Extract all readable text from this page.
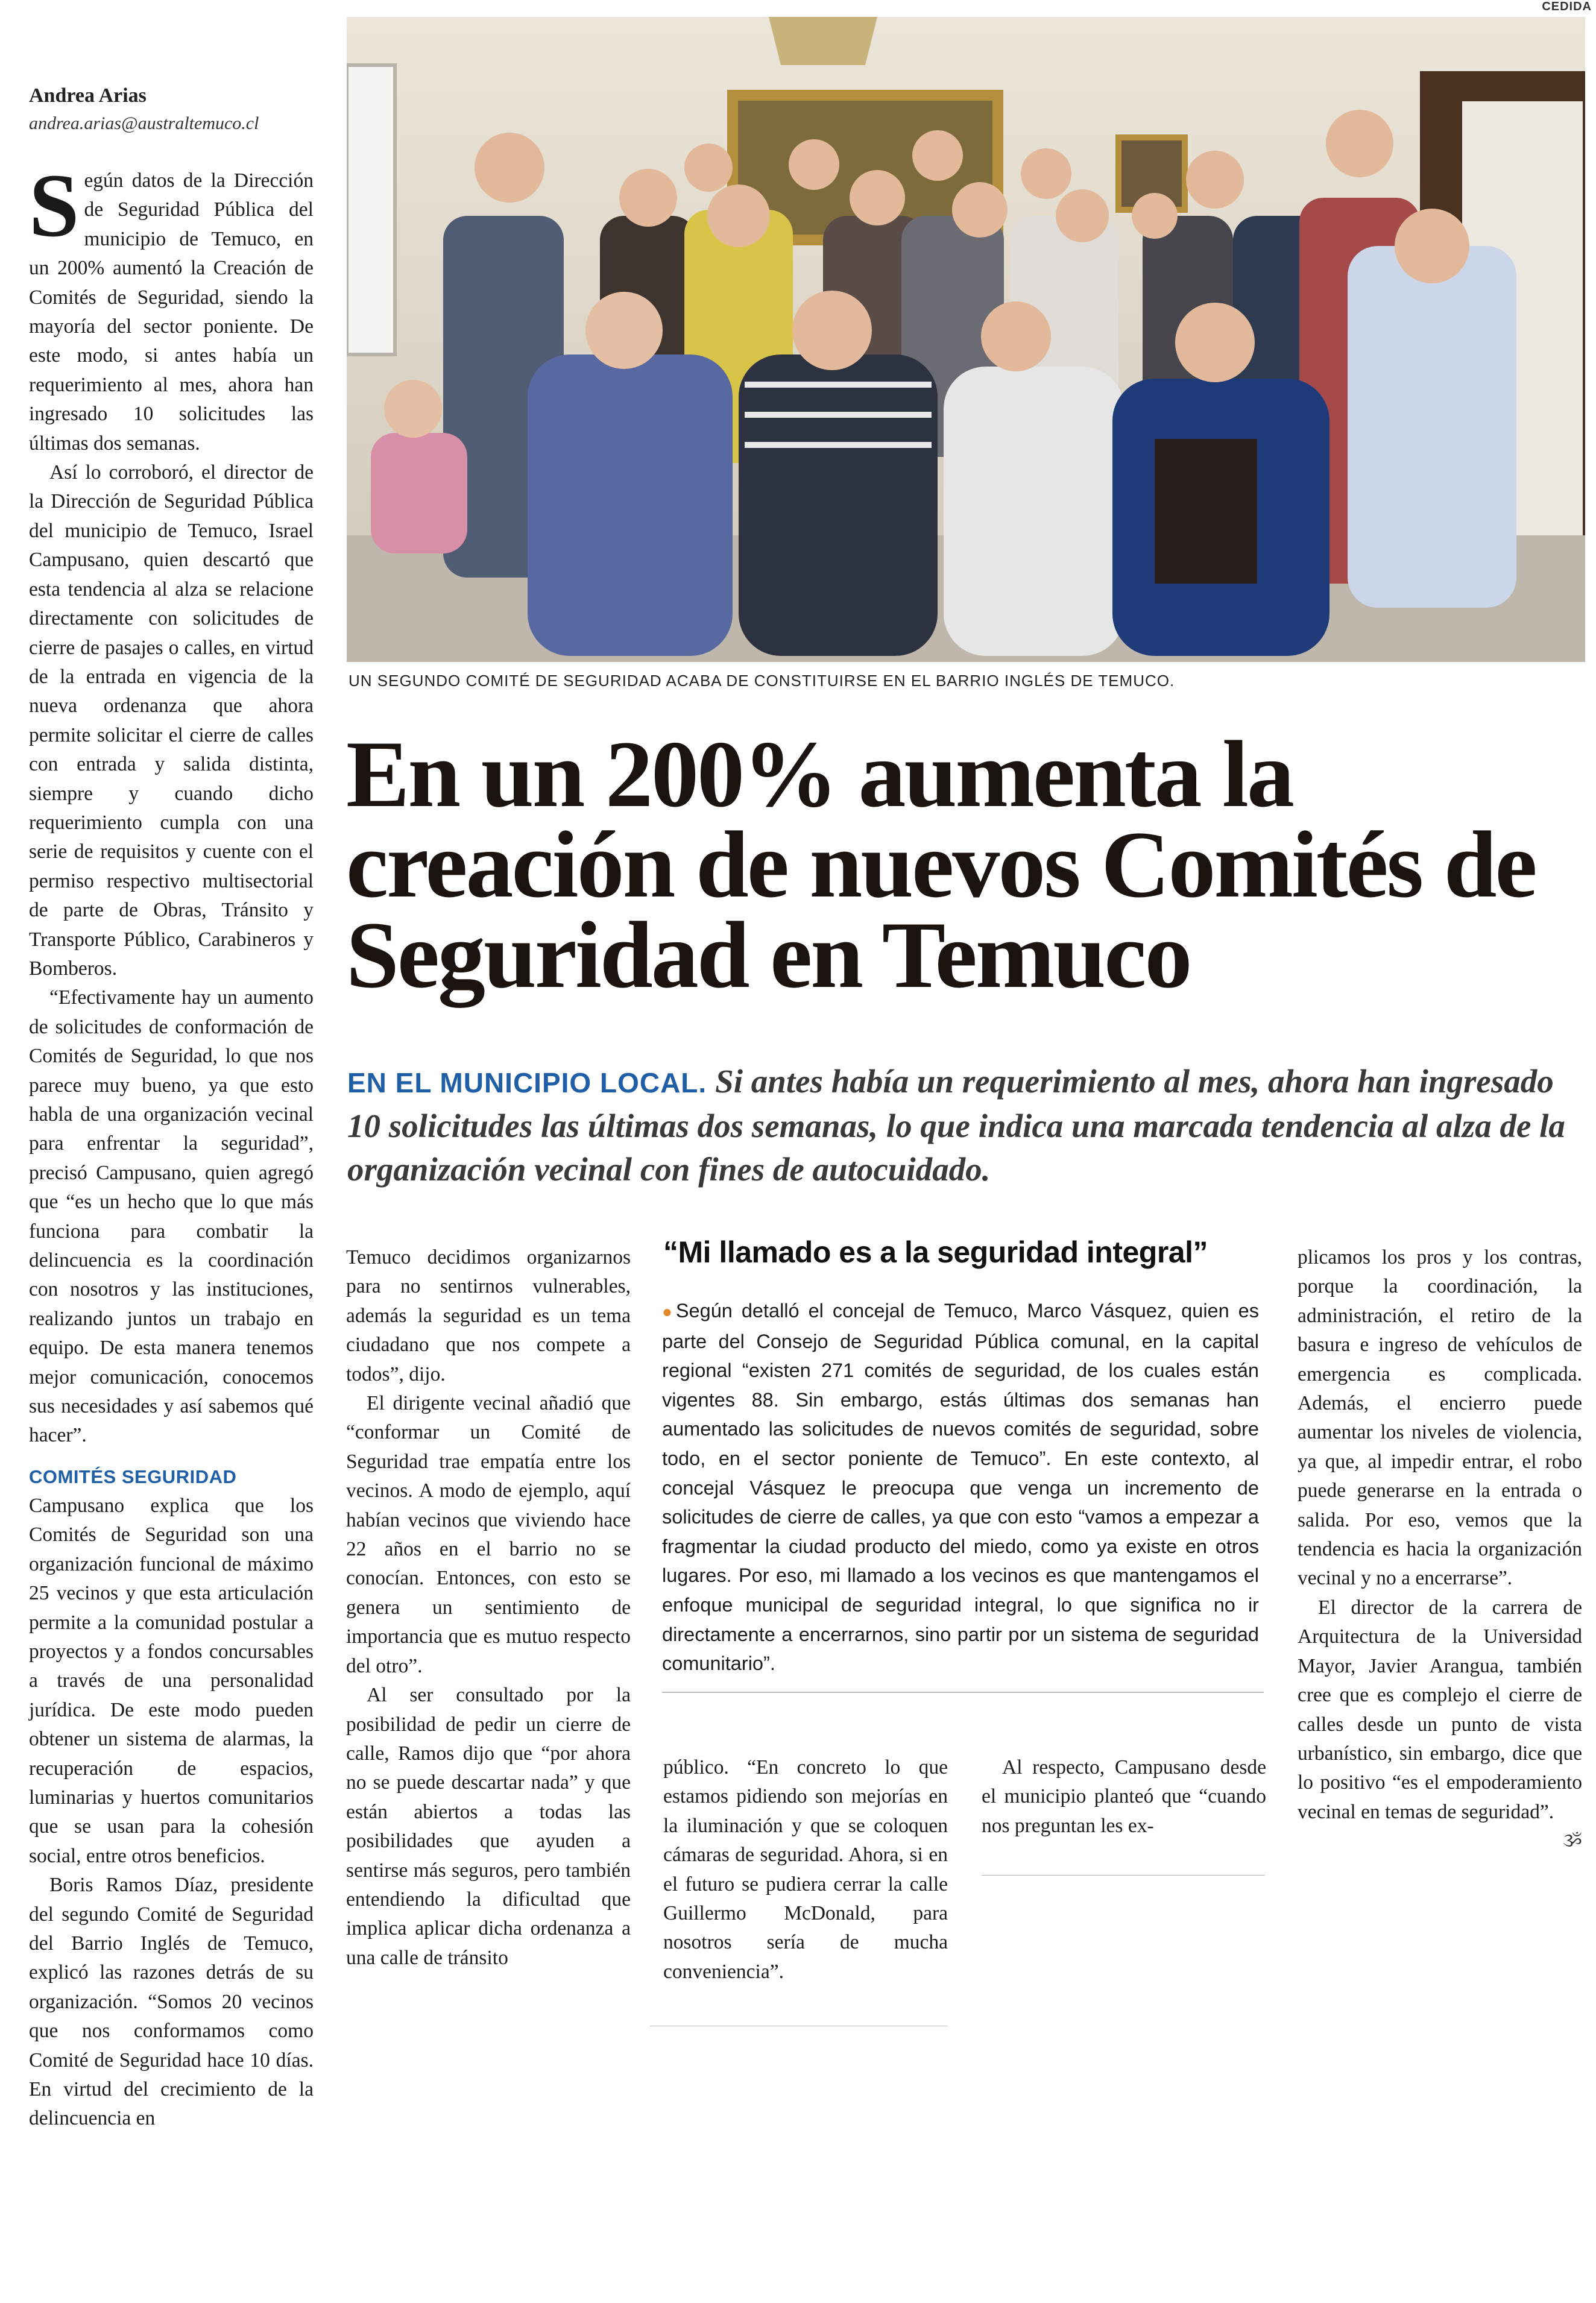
CEDIDA
UN SEGUNDO COMITÉ DE SEGURIDAD ACABA DE CONSTITUIRSE EN EL BARRIO INGLÉS DE TEMUCO.
Andrea Arias
andrea.arias@australtemuco.cl

Según datos de la Dirección de Seguridad Pública del municipio de Temuco, en un 200% aumentó la Creación de Comités de Seguridad, siendo la mayoría del sector poniente. De este modo, si antes había un requerimiento al mes, ahora han ingresado 10 solicitudes las últimas dos semanas.

Así lo corroboró, el director de la Dirección de Seguridad Pública del municipio de Temuco, Israel Campusano, quien descartó que esta tendencia al alza se relacione directamente con solicitudes de cierre de pasajes o calles, en virtud de la entrada en vigencia de la nueva ordenanza que ahora permite solicitar el cierre de calles con entrada y salida distinta, siempre y cuando dicho requerimiento cumpla con una serie de requisitos y cuente con el permiso respectivo multisectorial de parte de Obras, Tránsito y Transporte Público, Carabineros y Bomberos.

“Efectivamente hay un aumento de solicitudes de conformación de Comités de Seguridad, lo que nos parece muy bueno, ya que esto habla de una organización vecinal para enfrentar la seguridad”, precisó Campusano, quien agregó que “es un hecho que lo que más funciona para combatir la delincuencia es la coordinación con nosotros y las instituciones, realizando juntos un trabajo en equipo. De esta manera tenemos mejor comunicación, conocemos sus necesidades y así sabemos qué hacer”.

COMITÉS SEGURIDAD

Campusano explica que los Comités de Seguridad son una organización funcional de máximo 25 vecinos y que esta articulación permite a la comunidad postular a proyectos y a fondos concursables a través de una personalidad jurídica. De este modo pueden obtener un sistema de alarmas, la recuperación de espacios, luminarias y huertos comunitarios que se usan para la cohesión social, entre otros beneficios.

Boris Ramos Díaz, presidente del segundo Comité de Seguridad del Barrio Inglés de Temuco, explicó las razones detrás de su organización. “Somos 20 vecinos que nos conformamos como Comité de Seguridad hace 10 días. En virtud del crecimiento de la delincuencia en

En un 200% aumenta la creación de nuevos Comités de Seguridad en Temuco
EN EL MUNICIPIO LOCAL. Si antes había un requerimiento al mes, ahora han ingresado 10 solicitudes las últimas dos semanas, lo que indica una marcada tendencia al alza de la organización vecinal con fines de autocuidado.

Temuco decidimos organizarnos para no sentirnos vulnerables, además la seguridad es un tema ciudadano que nos compete a todos”, dijo.

El dirigente vecinal añadió que “conformar un Comité de Seguridad trae empatía entre los vecinos. A modo de ejemplo, aquí habían vecinos que viviendo hace 22 años en el barrio no se conocían. Entonces, con esto se genera un sentimiento de importancia que es mutuo respecto del otro”.

Al ser consultado por la posibilidad de pedir un cierre de calle, Ramos dijo que “por ahora no se puede descartar nada” y que están abiertos a todas las posibilidades que ayuden a sentirse más seguros, pero también entendiendo la dificultad que implica aplicar dicha ordenanza a una calle de tránsito

“Mi llamado es a la seguridad integral”
●Según detalló el concejal de Temuco, Marco Vásquez, quien es parte del Consejo de Seguridad Pública comunal, en la capital regional “existen 271 comités de seguridad, de los cuales están vigentes 88. Sin embargo, estás últimas dos semanas han aumentado las solicitudes de nuevos comités de seguridad, sobre todo, en el sector poniente de Temuco”. En este contexto, al concejal Vásquez le preocupa que venga un incremento de solicitudes de cierre de calles, ya que con esto “vamos a empezar a fragmentar la ciudad producto del miedo, como ya existe en otros lugares. Por eso, mi llamado a los vecinos es que mantengamos el enfoque municipal de seguridad integral, lo que significa no ir directamente a encerrarnos, sino partir por un sistema de seguridad comunitario”.

público. “En concreto lo que estamos pidiendo son mejorías en la iluminación y que se coloquen cámaras de seguridad. Ahora, si en el futuro se pudiera cerrar la calle Guillermo McDonald, para nosotros sería de mucha conveniencia”.

Al respecto, Campusano desde el municipio planteó que “cuando nos preguntan les ex-

plicamos los pros y los contras, porque la coordinación, la administración, el retiro de la basura e ingreso de vehículos de emergencia es complicada. Además, el encierro puede aumentar los niveles de violencia, ya que, al impedir entrar, el robo puede generarse en la entrada o salida. Por eso, vemos que la tendencia es hacia la organización vecinal y no a encerrarse”.

El director de la carrera de Arquitectura de la Universidad Mayor, Javier Arangua, también cree que es complejo el cierre de calles desde un punto de vista urbanístico, sin embargo, dice que lo positivo “es el empoderamiento vecinal en temas de seguridad”.
ૐ
